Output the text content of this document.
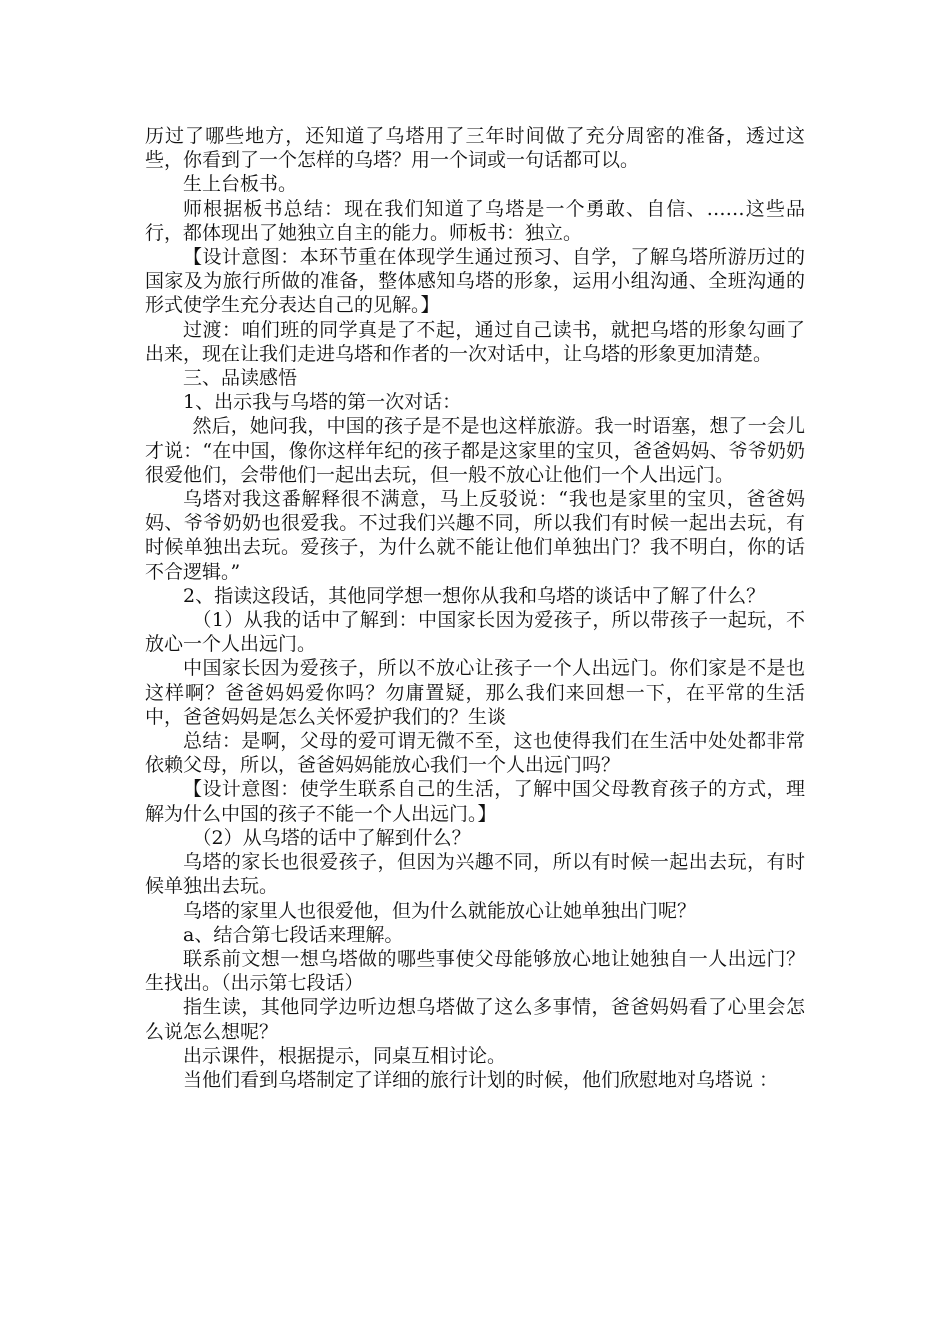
历过了哪些地方，还知道了乌塔用了三年时间做了充分周密的准备，透过这些，你看到了一个怎样的乌塔？用一个词或一句话都可以。

生上台板书。

师根据板书总结：现在我们知道了乌塔是一个勇敢、自信、……这些品行，都体现出了她独立自主的能力。师板书：独立。

【设计意图：本环节重在体现学生通过预习、自学，了解乌塔所游历过的国家及为旅行所做的准备，整体感知乌塔的形象，运用小组沟通、全班沟通的形式使学生充分表达自己的见解。】

过渡：咱们班的同学真是了不起，通过自己读书，就把乌塔的形象勾画了出来，现在让我们走进乌塔和作者的一次对话中，让乌塔的形象更加清楚。

三、品读感悟

1、出示我与乌塔的第一次对话：

然后，她问我，中国的孩子是不是也这样旅游。我一时语塞，想了一会儿才说：“在中国，像你这样年纪的孩子都是这家里的宝贝，爸爸妈妈、爷爷奶奶很爱他们，会带他们一起出去玩，但一般不放心让他们一个人出远门。

乌塔对我这番解释很不满意，马上反驳说：“我也是家里的宝贝，爸爸妈妈、爷爷奶奶也很爱我。不过我们兴趣不同，所以我们有时候一起出去玩，有时候单独出去玩。爱孩子，为什么就不能让他们单独出门？我不明白，你的话不合逻辑。”

2、指读这段话，其他同学想一想你从我和乌塔的谈话中了解了什么？

（1）从我的话中了解到：中国家长因为爱孩子，所以带孩子一起玩，不放心一个人出远门。

中国家长因为爱孩子，所以不放心让孩子一个人出远门。你们家是不是也这样啊？爸爸妈妈爱你吗？勿庸置疑，那么我们来回想一下，在平常的生活中，爸爸妈妈是怎么关怀爱护我们的？生谈

总结：是啊，父母的爱可谓无微不至，这也使得我们在生活中处处都非常依赖父母，所以，爸爸妈妈能放心我们一个人出远门吗？

【设计意图：使学生联系自己的生活，了解中国父母教育孩子的方式，理解为什么中国的孩子不能一个人出远门。】

（2）从乌塔的话中了解到什么？

乌塔的家长也很爱孩子，但因为兴趣不同，所以有时候一起出去玩，有时候单独出去玩。

乌塔的家里人也很爱他，但为什么就能放心让她单独出门呢？

a、结合第七段话来理解。

联系前文想一想乌塔做的哪些事使父母能够放心地让她独自一人出远门？生找出。（出示第七段话）

指生读，其他同学边听边想乌塔做了这么多事情，爸爸妈妈看了心里会怎么说怎么想呢？

出示课件，根据提示，同桌互相讨论。

当他们看到乌塔制定了详细的旅行计划的时候，他们欣慰地对乌塔说 ：
